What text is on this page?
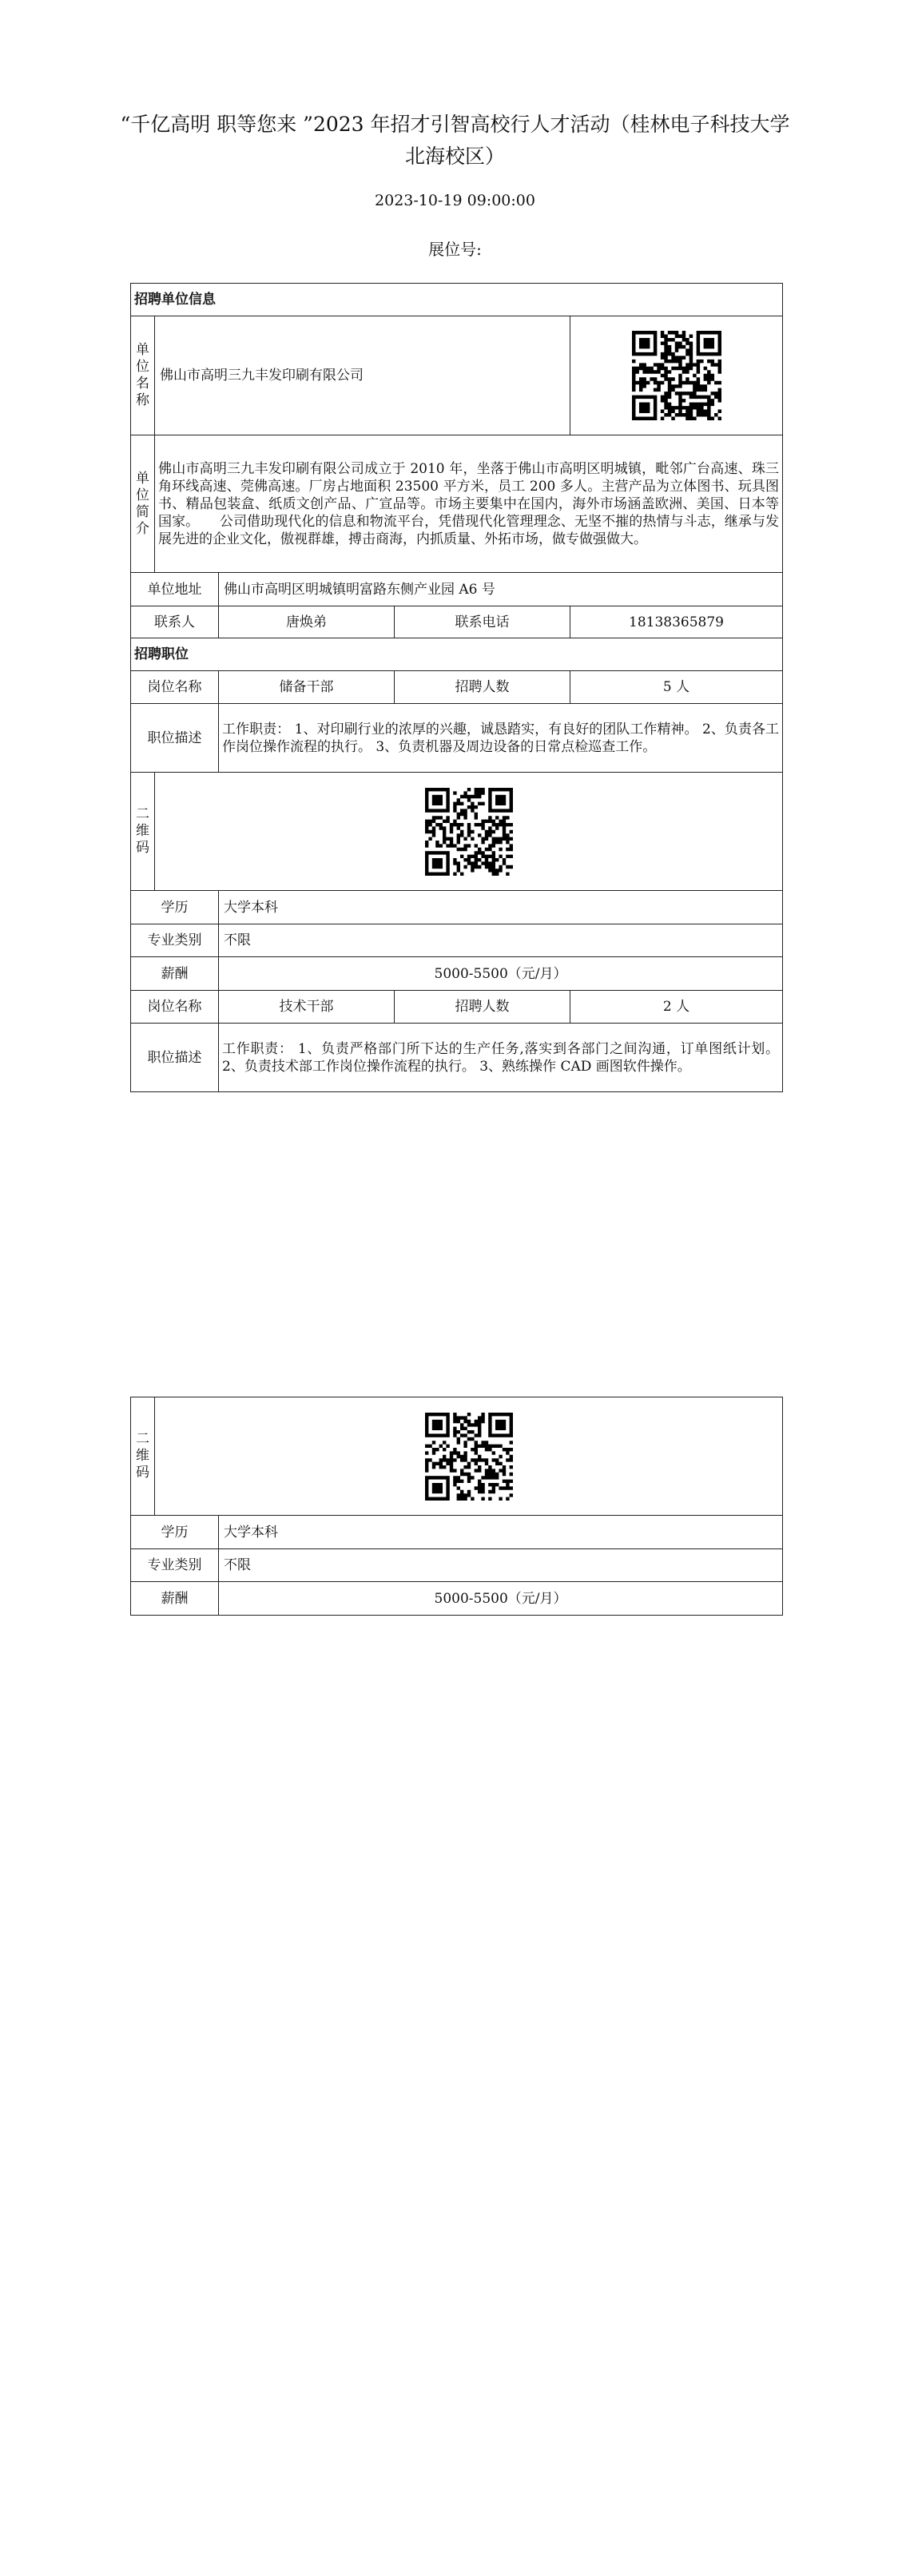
“千亿高明 职等您来 ”2023 年招才引智高校行人才活动（桂林电子科技大学北海校区）
2023-10-19 09:00:00
展位号:
招聘单位信息				

单位名称	佛山市高明三九丰发印刷有限公司	

单位简介	佛山市高明三九丰发印刷有限公司成立于 2010 年，坐落于佛山市高明区明城镇，毗邻广台高速、珠三角环线高速、莞佛高速。厂房占地面积 23500 平方米，员工 200 多人。主营产品为立体图书、玩具图书、精品包装盒、纸质文创产品、广宣品等。市场主要集中在国内，海外市场涵盖欧洲、美国、日本等国家。　　公司借助现代化的信息和物流平台，凭借现代化管理理念、无坚不摧的热情与斗志，继承与发展先进的企业文化，傲视群雄，搏击商海，内抓质量、外拓市场，做专做强做大。			
单位地址		佛山市高明区明城镇明富路东侧产业园 A6 号		
联系人		唐焕弟	联系电话	18138365879
招聘职位				
岗位名称		储备干部	招聘人数	5 人
职位描述		工作职责： 1、对印刷行业的浓厚的兴趣，诚恳踏实，有良好的团队工作精神。 2、负责各工作岗位操作流程的执行。 3、负责机器及周边设备的日常点检巡查工作。		

二维码

学历		大学本科		
专业类别		不限		
薪酬		5000-5500（元/月）		
岗位名称		技术干部	招聘人数	2 人
职位描述		工作职责： 1、负责严格部门所下达的生产任务,落实到各部门之间沟通，订单图纸计划。 2、负责技术部工作岗位操作流程的执行。 3、熟练操作 CAD 画图软件操作。		
二维码

学历		大学本科
专业类别		不限
薪酬		5000-5500（元/月）
